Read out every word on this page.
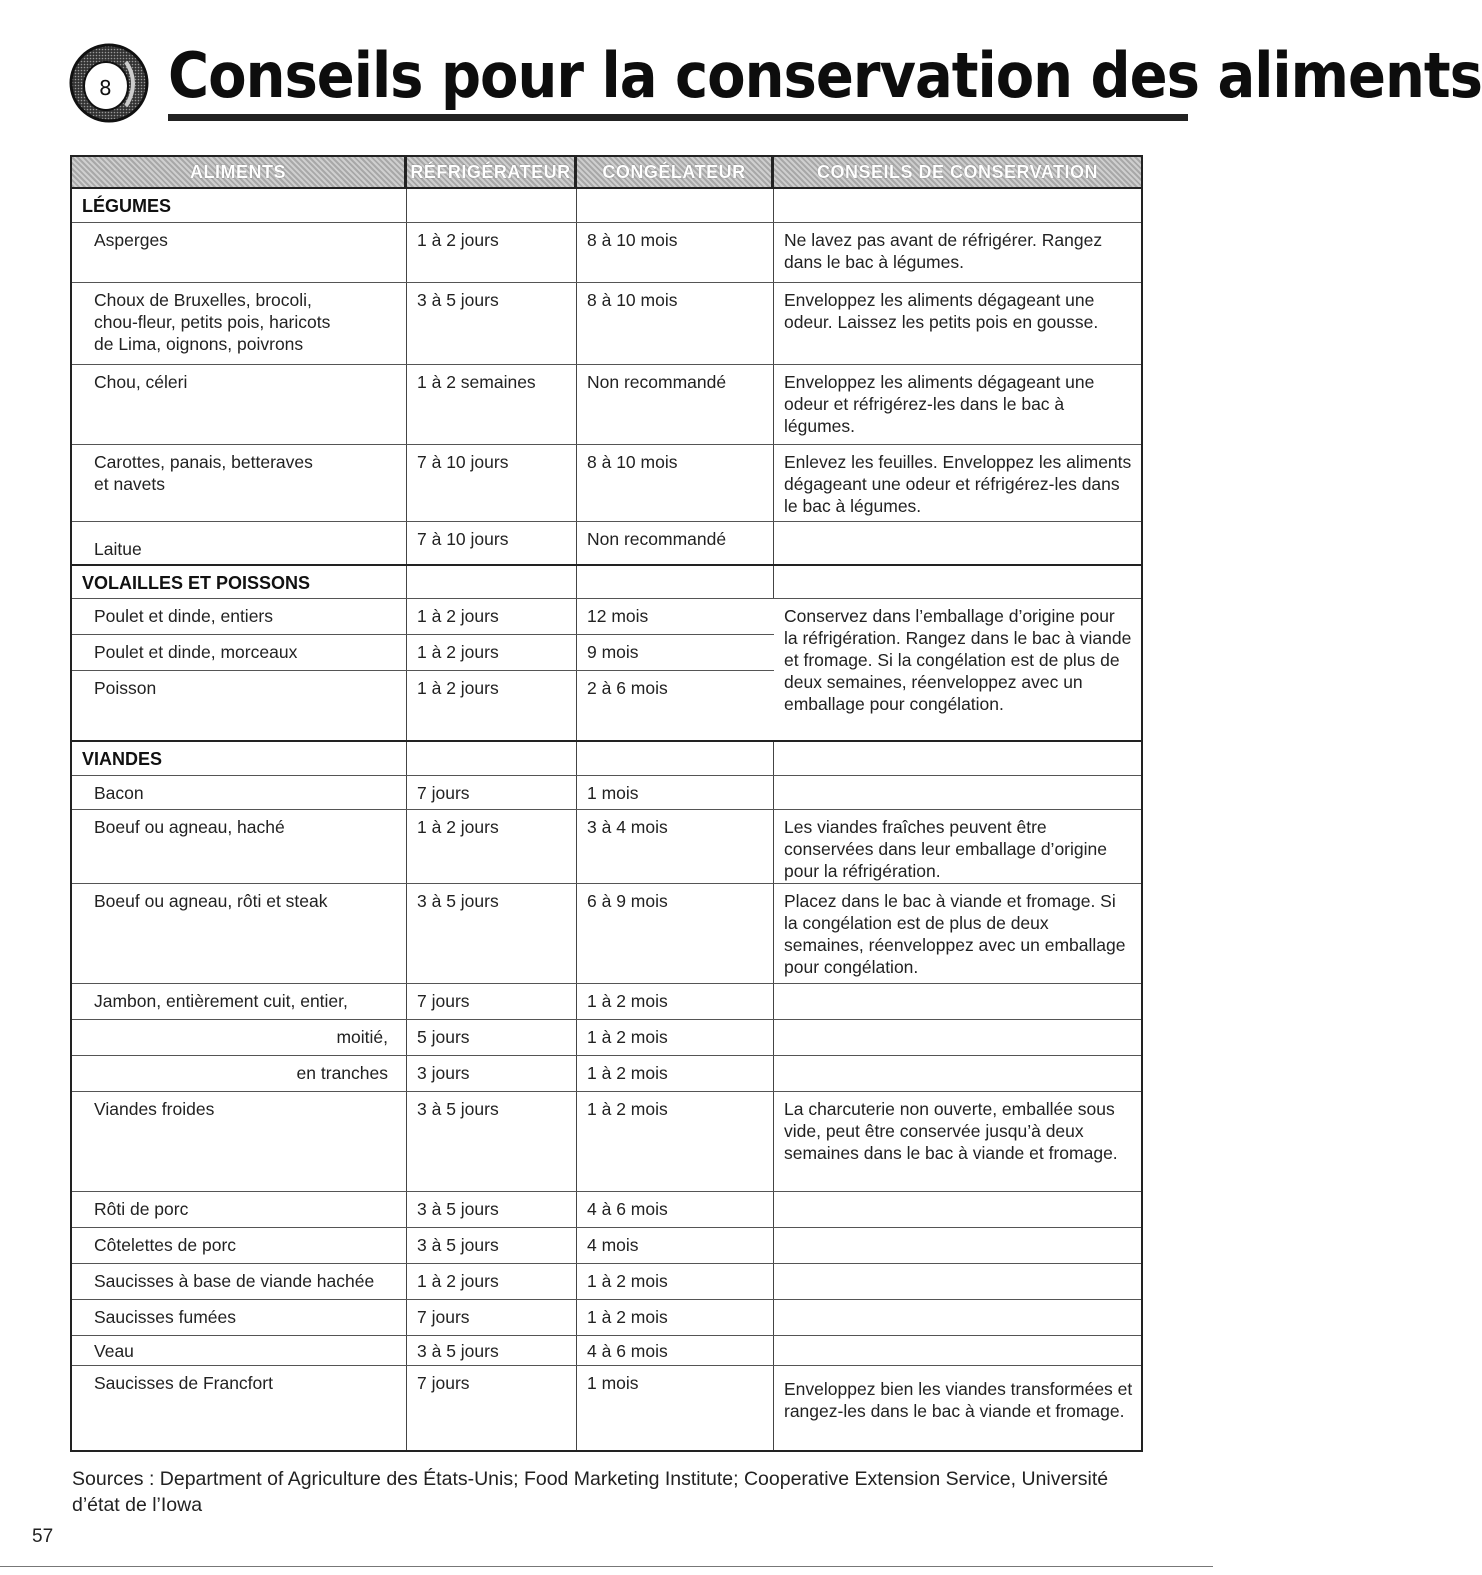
8 Conseils pour la conservation des aliments
ALIMENTS	RÉFRIGÉRATEUR	CONGÉLATEUR	CONSEILS DE CONSERVATION
LÉGUMES
Asperges	1 à 2 jours	8 à 10 mois	Ne lavez pas avant de réfrigérer. Rangez dans le bac à légumes.
Choux de Bruxelles, brocoli,
chou-fleur, petits pois, haricots
de Lima, oignons, poivrons
3 à 5 jours	8 à 10 mois	Enveloppez les aliments dégageant une odeur. Laissez les petits pois en gousse.
Chou, céleri	1 à 2 semaines	Non recommandé	Enveloppez les aliments dégageant une odeur et réfrigérez-les dans le bac à légumes.
Carottes, panais, betteraves
et navets
7 à 10 jours	8 à 10 mois	Enlevez les feuilles. Enveloppez les aliments dégageant une odeur et réfrigérez-les dans le bac à légumes.
Laitue	7 à 10 jours	Non recommandé
VOLAILLES ET POISSONS
Poulet et dinde, entiers	1 à 2 jours	12 mois
Poulet et dinde, morceaux	1 à 2 jours	9 mois
Poisson	1 à 2 jours	2 à 6 mois
Conservez dans l’emballage d’origine pour la réfrigération. Rangez dans le bac à viande et fromage. Si la congélation est de plus de deux semaines, réenveloppez avec un emballage pour congélation.
VIANDES
Bacon	7 jours	1 mois
Boeuf ou agneau, haché	1 à 2 jours	3 à 4 mois	Les viandes fraîches peuvent être conservées dans leur emballage d’origine pour la réfrigération.
Boeuf ou agneau, rôti et steak	3 à 5 jours	6 à 9 mois	Placez dans le bac à viande et fromage. Si la congélation est de plus de deux semaines, réenveloppez avec un emballage pour congélation.
Jambon, entièrement cuit, entier,	7 jours	1 à 2 mois
moitié,	5 jours	1 à 2 mois
en tranches	3 jours	1 à 2 mois
Viandes froides	3 à 5 jours	1 à 2 mois	La charcuterie non ouverte, emballée sous vide, peut être conservée jusqu’à deux semaines dans le bac à viande et fromage.
Rôti de porc	3 à 5 jours	4 à 6 mois
Côtelettes de porc	3 à 5 jours	4 mois
Saucisses à base de viande hachée	1 à 2 jours	1 à 2 mois
Saucisses fumées	7 jours	1 à 2 mois
Veau	3 à 5 jours	4 à 6 mois
Saucisses de Francfort	7 jours	1 mois	Enveloppez bien les viandes transformées et rangez-les dans le bac à viande et fromage.
Sources : Department of Agriculture des États-Unis; Food Marketing Institute; Cooperative Extension Service, Université d’état de l’Iowa
57
